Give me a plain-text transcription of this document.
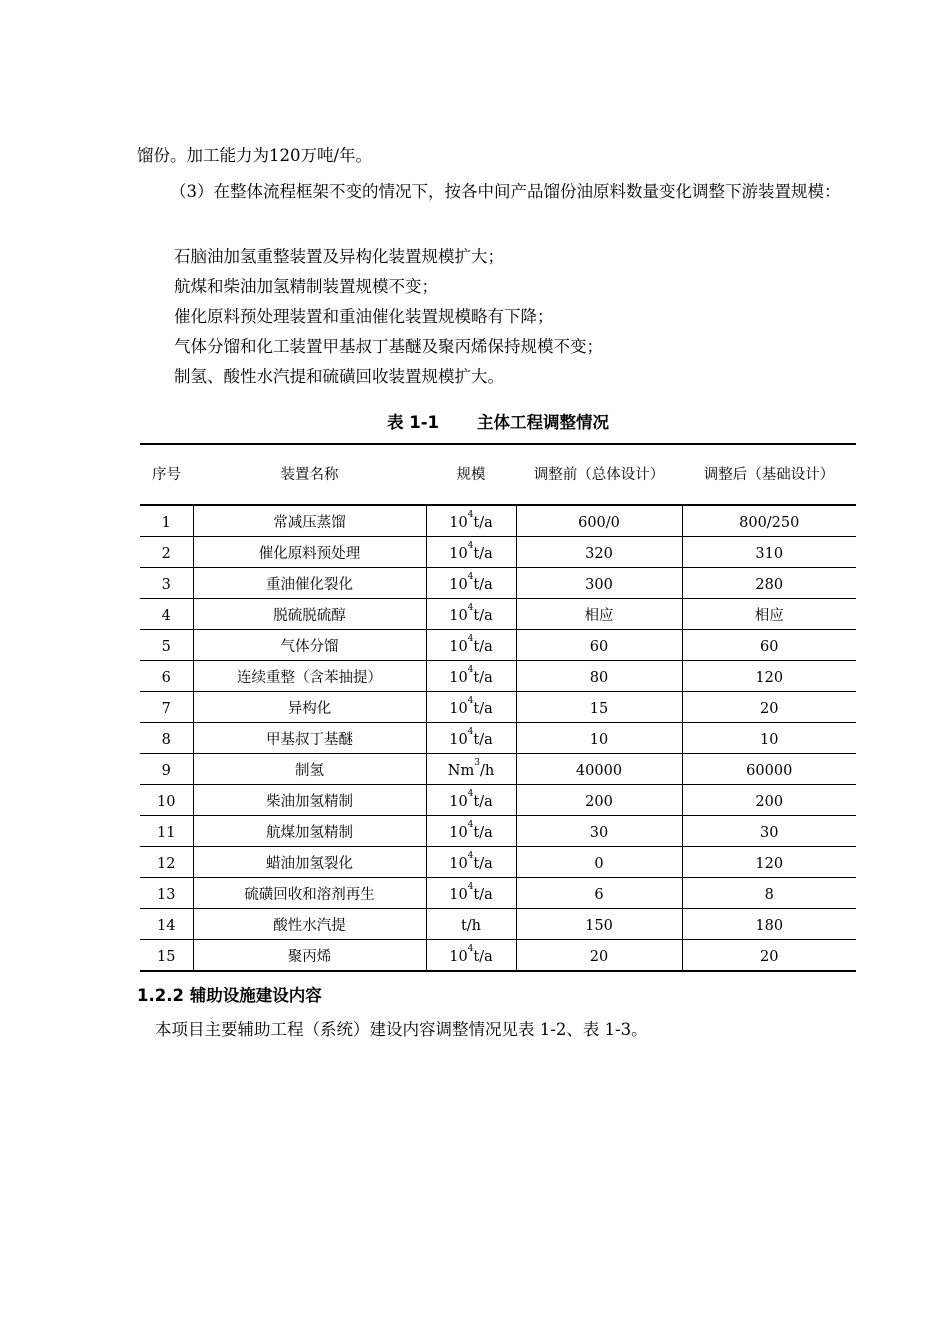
馏份。加工能力为120万吨/年。

（3）在整体流程框架不变的情况下，按各中间产品馏份油原料数量变化调整下游装置规模：

石脑油加氢重整装置及异构化装置规模扩大；
航煤和柴油加氢精制装置规模不变；
催化原料预处理装置和重油催化装置规模略有下降；
气体分馏和化工装置甲基叔丁基醚及聚丙烯保持规模不变；
制氢、酸性水汽提和硫磺回收装置规模扩大。
表 1-1 主体工程调整情况
序号	装置名称	规模	调整前（总体设计）	调整后（基础设计）
1	常减压蒸馏	$10^4t/a$	600/0	800/250
2	催化原料预处理	$10^4t/a$	320	310
3	重油催化裂化	$10^4t/a$	300	280
4	脱硫脱硫醇	$10^4t/a$	相应	相应
5	气体分馏	$10^4t/a$	60	60
6	连续重整（含苯抽提）	$10^4t/a$	80	120
7	异构化	$10^4t/a$	15	20
8	甲基叔丁基醚	$10^4t/a$	10	10
9	制氢	Nm$^3$/h	40000	60000
10	柴油加氢精制	$10^4t/a$	200	200
11	航煤加氢精制	$10^4t/a$	30	30
12	蜡油加氢裂化	$10^4t/a$	0	120
13	硫磺回收和溶剂再生	$10^4t/a$	6	8
14	酸性水汽提	t/h	150	180
15	聚丙烯	$10^4t/a$	20	20
1.2.2 辅助设施建设内容
本项目主要辅助工程（系统）建设内容调整情况见表 1-2、表 1-3。
